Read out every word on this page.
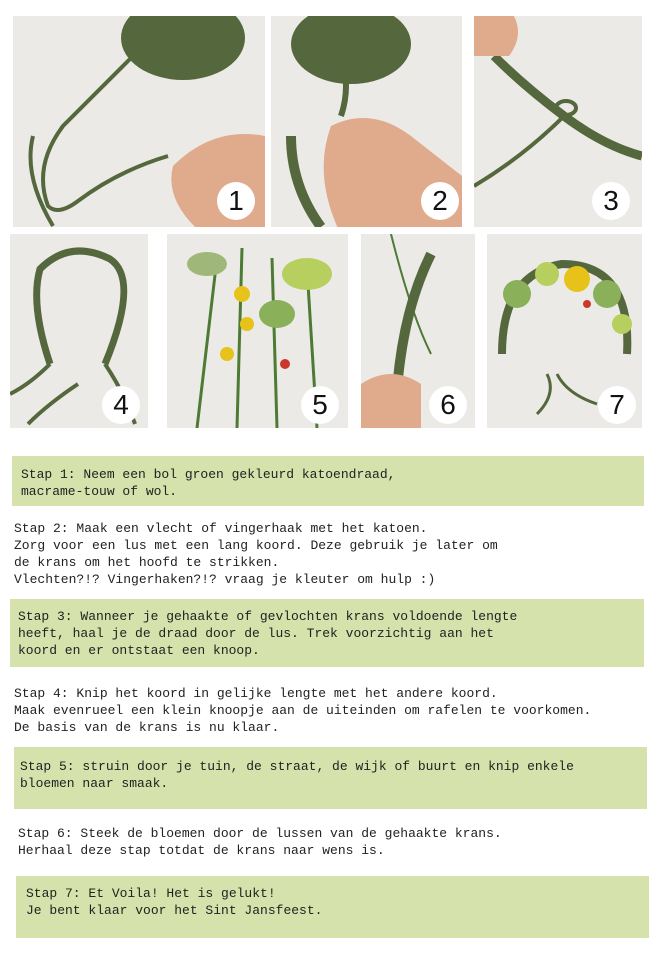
1	2	3
4	5	6	7
Stap 1: Neem een bol groen gekleurd katoendraad,
macrame-touw of wol.
Stap 2: Maak een vlecht of vingerhaak met het katoen.
Zorg voor een lus met een lang koord. Deze gebruik je later om
de krans om het hoofd te strikken.
Vlechten?!? Vingerhaken?!? vraag je kleuter om hulp :)
Stap 3: Wanneer je gehaakte of gevlochten krans voldoende lengte
heeft, haal je de draad door de lus. Trek voorzichtig aan het
koord en er ontstaat een knoop.
Stap 4: Knip het koord in gelijke lengte met het andere koord.
Maak evenrueel een klein knoopje aan de uiteinden om rafelen te voorkomen.
De basis van de krans is nu klaar.
Stap 5: struin door je tuin, de straat, de wijk of buurt en knip enkele
bloemen naar smaak.
Stap 6: Steek de bloemen door de lussen van de gehaakte krans.
Herhaal deze stap totdat de krans naar wens is.
Stap 7: Et Voila! Het is gelukt!
Je bent klaar voor het Sint Jansfeest.
